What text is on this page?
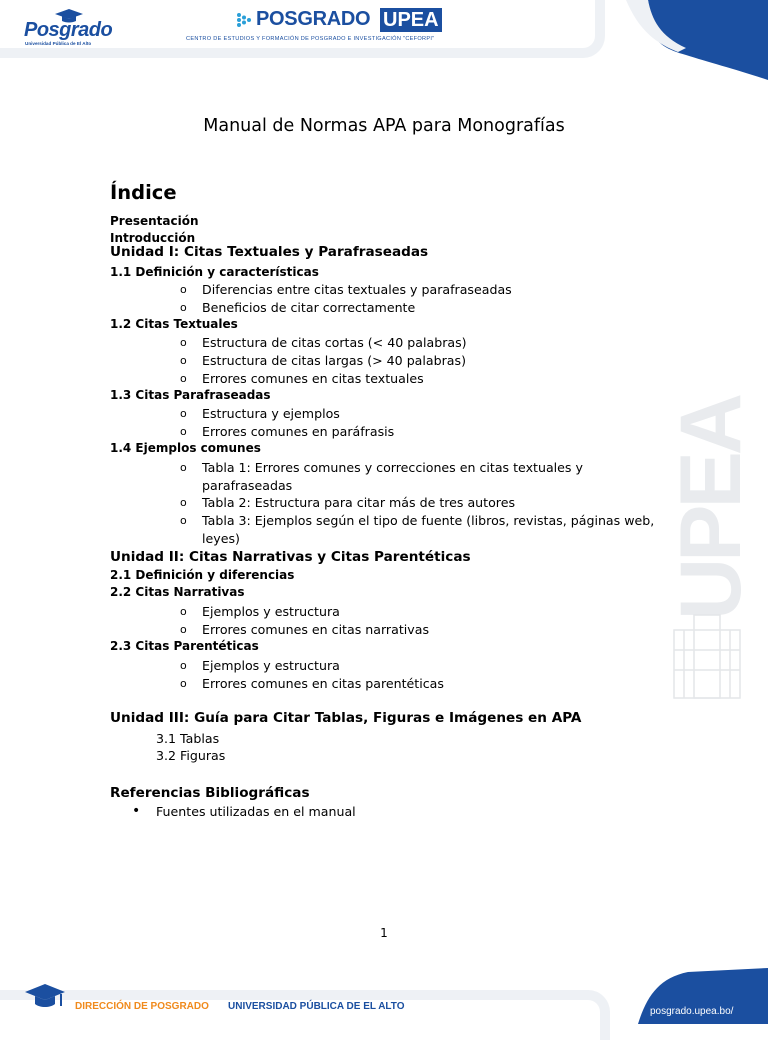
Posgrado
Universidad Pública de El Alto
POSGRADO UPEA
CENTRO DE ESTUDIOS Y FORMACIÓN DE POSGRADO E INVESTIGACIÓN "CEFORPI"
UPEA
Manual de Normas APA para Monografías
Índice
Presentación
Introducción
Unidad I: Citas Textuales y Parafraseadas
1.1 Definición y características
o Diferencias entre citas textuales y parafraseadas
o Beneficios de citar correctamente
1.2 Citas Textuales
o Estructura de citas cortas (< 40 palabras)
o Estructura de citas largas (> 40 palabras)
o Errores comunes en citas textuales
1.3 Citas Parafraseadas
o Estructura y ejemplos
o Errores comunes en paráfrasis
1.4 Ejemplos comunes
o Tabla 1: Errores comunes y correcciones en citas textuales y parafraseadas
o Tabla 2: Estructura para citar más de tres autores
o Tabla 3: Ejemplos según el tipo de fuente (libros, revistas, páginas web, leyes)
Unidad II: Citas Narrativas y Citas Parentéticas
2.1 Definición y diferencias
2.2 Citas Narrativas
o Ejemplos y estructura
o Errores comunes en citas narrativas
2.3 Citas Parentéticas
o Ejemplos y estructura
o Errores comunes en citas parentéticas
Unidad III: Guía para Citar Tablas, Figuras e Imágenes en APA
3.1 Tablas
3.2 Figuras
Referencias Bibliográficas
• Fuentes utilizadas en el manual
1
DIRECCIÓN DE POSGRADO UNIVERSIDAD PÚBLICA DE EL ALTO	posgrado.upea.bo/
